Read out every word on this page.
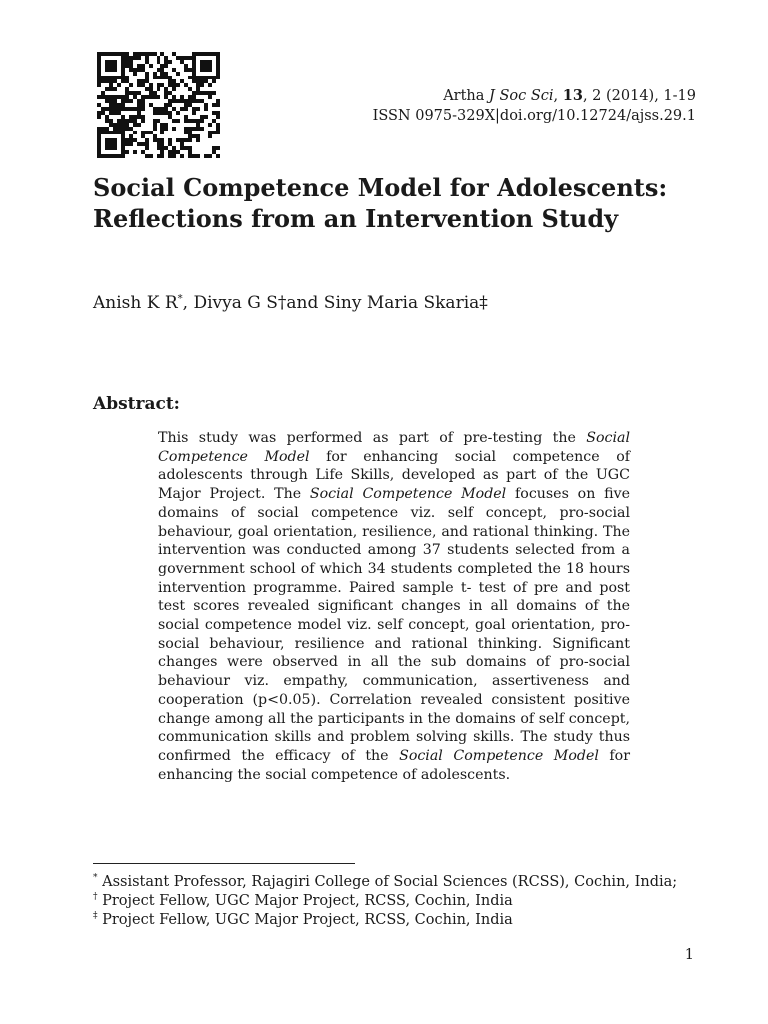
Artha J Soc Sci, 13, 2 (2014), 1-19
ISSN 0975-329X|doi.org/10.12724/ajss.29.1
Social Competence Model for Adolescents: Reflections from an Intervention Study
Anish K R*, Divya G S†and Siny Maria Skaria‡
Abstract:
This study was performed as part of pre-testing the Social Competence Model for enhancing social competence of adolescents through Life Skills, developed as part of the UGC Major Project. The Social Competence Model focuses on five domains of social competence viz. self concept, pro-social behaviour, goal orientation, resilience, and rational thinking. The intervention was conducted among 37 students selected from a government school of which 34 students completed the 18 hours intervention programme. Paired sample t- test of pre and post test scores revealed significant changes in all domains of the social competence model viz. self concept, goal orientation, pro-social behaviour, resilience and rational thinking. Significant changes were observed in all the sub domains of pro-social behaviour viz. empathy, communication, assertiveness and cooperation (p<0.05). Correlation revealed consistent positive change among all the participants in the domains of self concept, communication skills and problem solving skills. The study thus confirmed the efficacy of the Social Competence Model for enhancing the social competence of adolescents.

* Assistant Professor, Rajagiri College of Social Sciences (RCSS), Cochin, India;

† Project Fellow, UGC Major Project, RCSS, Cochin, India

‡ Project Fellow, UGC Major Project, RCSS, Cochin, India

1
